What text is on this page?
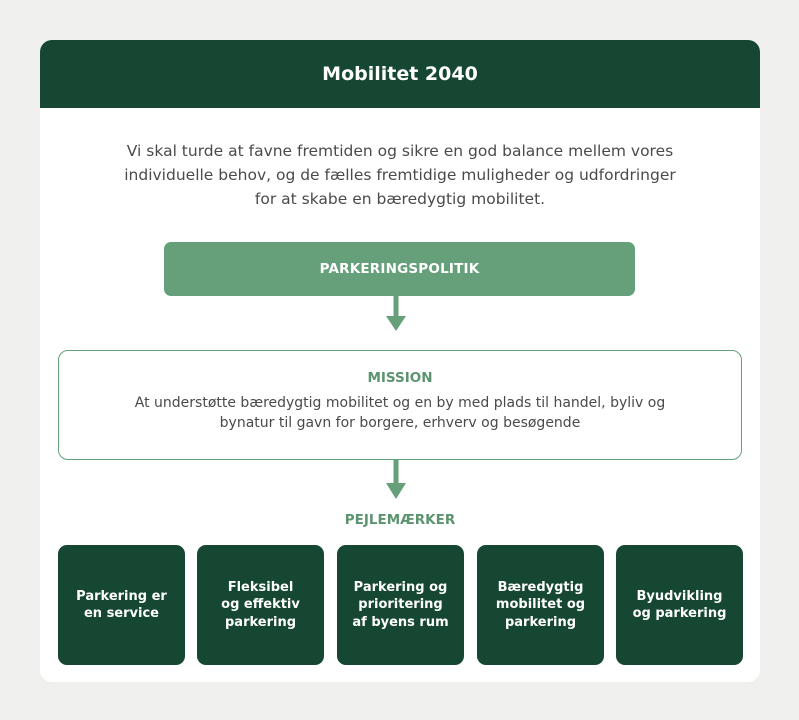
Mobilitet 2040
Vi skal turde at favne fremtiden og sikre en god balance mellem vores individuelle behov, og de fælles fremtidige muligheder og udfordringer for at skabe en bæredygtig mobilitet.
PARKERINGSPOLITIK
MISSION
At understøtte bæredygtig mobilitet og en by med plads til handel, byliv og bynatur til gavn for borgere, erhverv og besøgende
PEJLEMÆRKER
Parkering er
en service
Fleksibel
og effektiv
parkering
Parkering og
prioritering
af byens rum
Bæredygtig
mobilitet og
parkering
Byudvikling
og parkering
